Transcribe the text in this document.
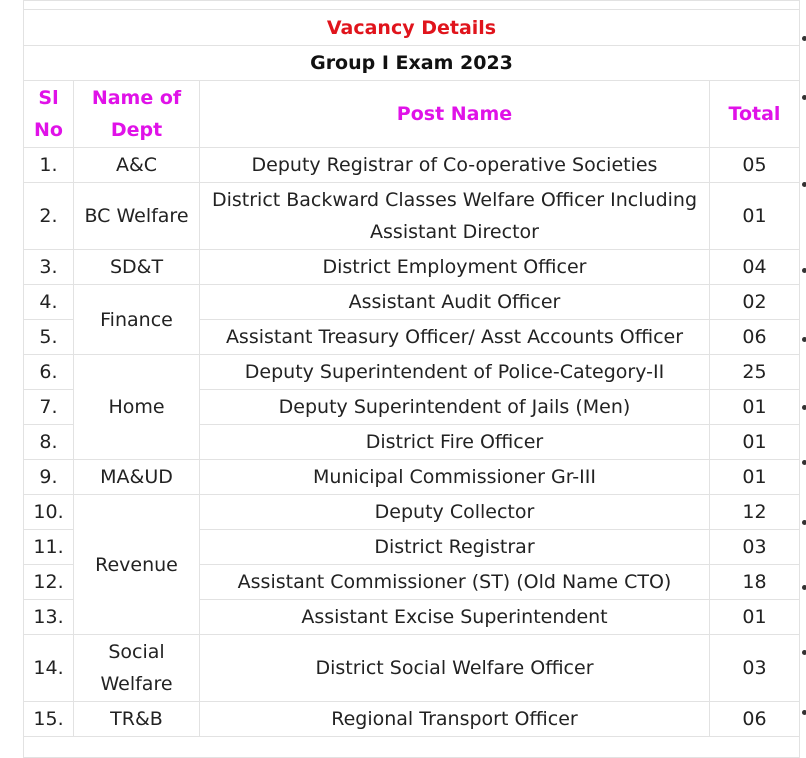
Vacancy Details			
Group I Exam 2023			
Sl No	Name of Dept	Post Name	Total
1.	A&C	Deputy Registrar of Co-operative Societies	05
2.	BC Welfare	District Backward Classes Welfare Officer Including Assistant Director	01
3.	SD&T	District Employment Officer	04
4.	Finance	Assistant Audit Officer	02
5.		Assistant Treasury Officer/ Asst Accounts Officer	06
6.	Home	Deputy Superintendent of Police-Category-II	25
7.		Deputy Superintendent of Jails (Men)	01
8.		District Fire Officer	01
9.	MA&UD	Municipal Commissioner Gr-III	01
10.	Revenue	Deputy Collector	12
11.		District Registrar	03
12.		Assistant Commissioner (ST) (Old Name CTO)	18
13.		Assistant Excise Superintendent	01
14.	Social Welfare	District Social Welfare Officer	03
15.	TR&B	Regional Transport Officer	06
